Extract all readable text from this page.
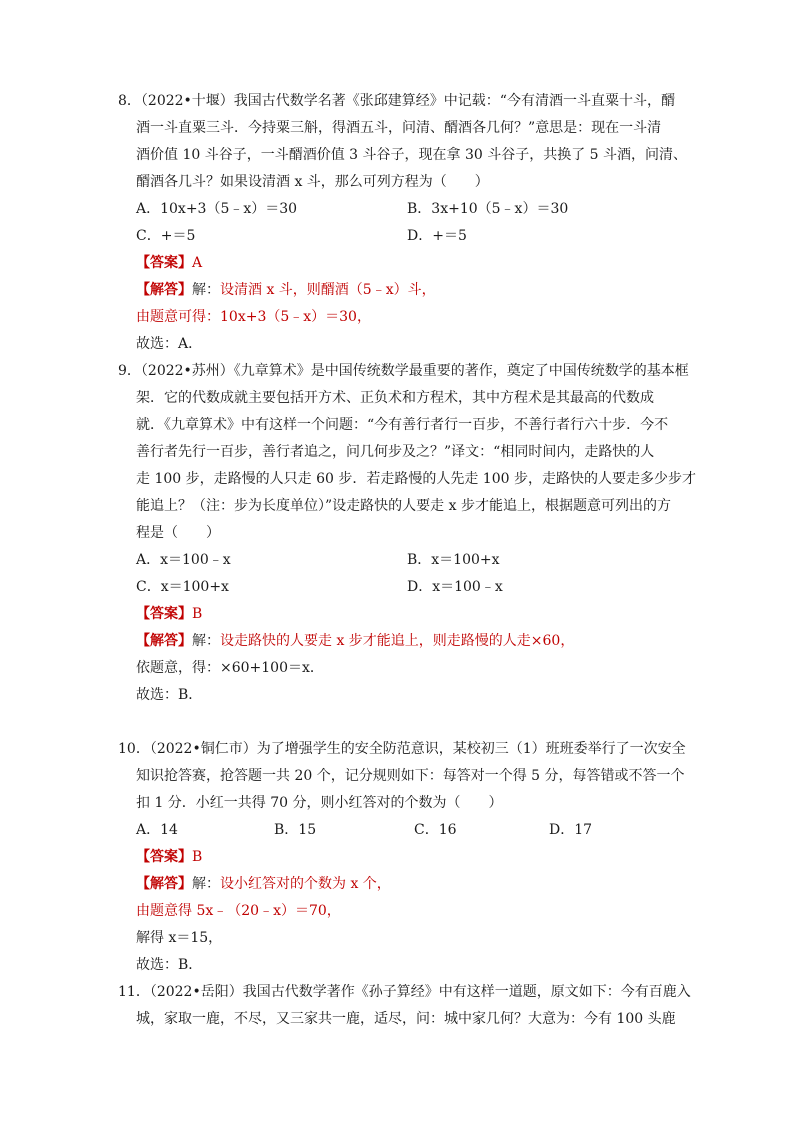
8．（2022•十堰）我国古代数学名著《张邱建算经》中记载：“今有清酒一斗直粟十斗，醑
酒一斗直粟三斗．今持粟三斛，得酒五斗，问清、醑酒各几何？”意思是：现在一斗清
酒价值 10 斗谷子，一斗醑酒价值 3 斗谷子，现在拿 30 斗谷子，共换了 5 斗酒，问清、
醑酒各几斗？如果设清酒 x 斗，那么可列方程为（　　）
A．10x+3（5﹣x）＝30	B．3x+10（5﹣x）＝30
C．+＝5	D．+＝5
【答案】A
【解答】解：设清酒 x 斗，则醑酒（5﹣x）斗，
由题意可得：10x+3（5﹣x）＝30，
故选：A．
9．（2022•苏州）《九章算术》是中国传统数学最重要的著作，奠定了中国传统数学的基本框
架．它的代数成就主要包括开方术、正负术和方程术，其中方程术是其最高的代数成
就．《九章算术》中有这样一个问题：“今有善行者行一百步，不善行者行六十步．今不
善行者先行一百步，善行者追之，问几何步及之？”译文：“相同时间内，走路快的人
走 100 步，走路慢的人只走 60 步．若走路慢的人先走 100 步，走路快的人要走多少步才
能追上？（注：步为长度单位）”设走路快的人要走 x 步才能追上，根据题意可列出的方
程是（　　）
A．x＝100﹣x	B．x＝100+x
C．x＝100+x	D．x＝100﹣x
【答案】B
【解答】解：设走路快的人要走 x 步才能追上，则走路慢的人走×60，
依题意，得：×60+100＝x．
故选：B．
10．（2022•铜仁市）为了增强学生的安全防范意识，某校初三（1）班班委举行了一次安全
知识抢答赛，抢答题一共 20 个，记分规则如下：每答对一个得 5 分，每答错或不答一个
扣 1 分．小红一共得 70 分，则小红答对的个数为（　　）
A．14	B．15	C．16	D．17
【答案】B
【解答】解：设小红答对的个数为 x 个，
由题意得 5x﹣（20﹣x）＝70，
解得 x＝15，
故选：B．
11．（2022•岳阳）我国古代数学著作《孙子算经》中有这样一道题，原文如下：今有百鹿入
城，家取一鹿，不尽，又三家共一鹿，适尽，问：城中家几何？大意为：今有 100 头鹿
